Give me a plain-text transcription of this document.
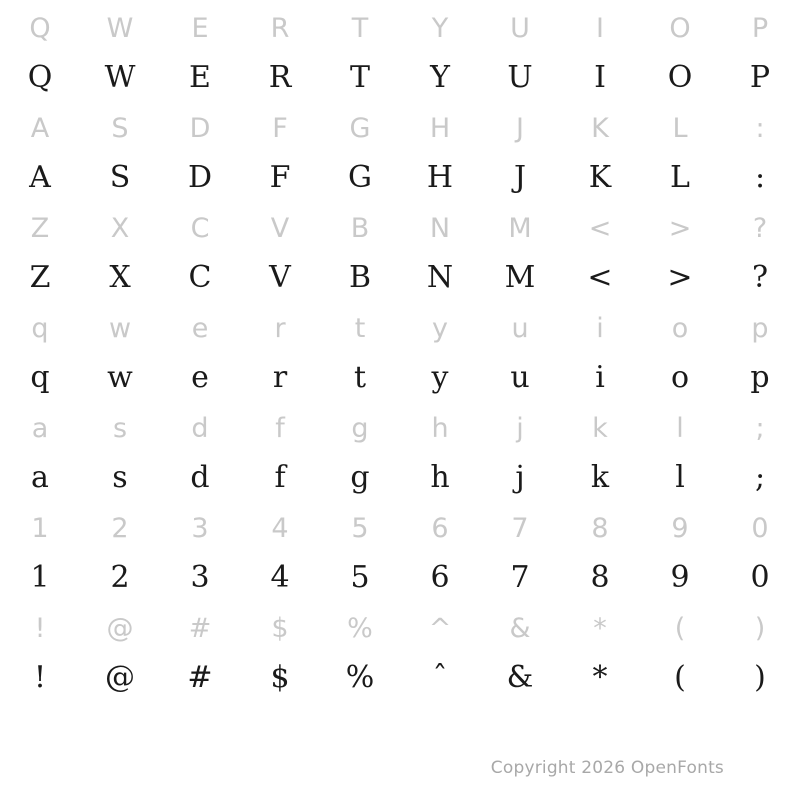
Q	W	E	R	T	Y	U	I	O	P
Q	W	E	R	T	Y	U	I	O	P
A	S	D	F	G	H	J	K	L	:
A	S	D	F	G	H	J	K	L	:
Z	X	C	V	B	N	M	<	>	?
Z	X	C	V	B	N	M	<	>	?
q	w	e	r	t	y	u	i	o	p
q	w	e	r	t	y	u	i	o	p
a	s	d	f	g	h	j	k	l	;
a	s	d	f	g	h	j	k	l	;
1	2	3	4	5	6	7	8	9	0
1	2	3	4	5	6	7	8	9	0
!	@	#	$	%	^	&	*	(	)
!	@	#	$	%	ˆ	&	*	(	)
Copyright 2026 OpenFonts
